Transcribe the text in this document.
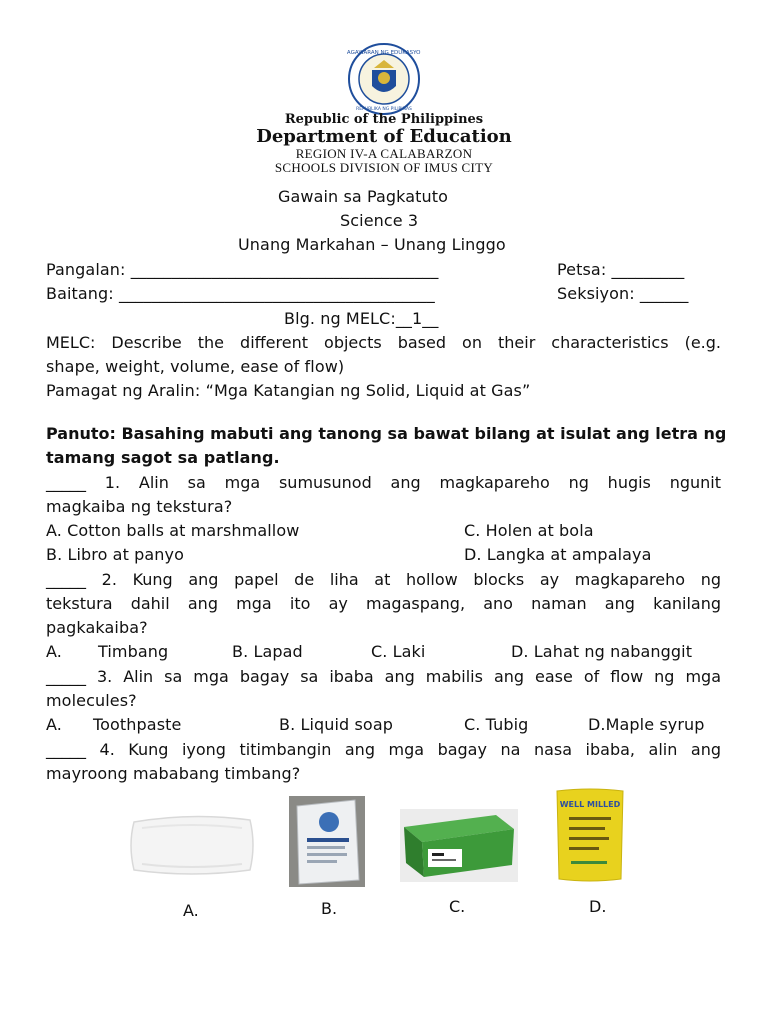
KAGAWARAN NG EDUKASYON
REPUBLIKA NG PILIPINAS
Republic of the Philippines
Department of Education
REGION IV-A CALABARZON
SCHOOLS DIVISION OF IMUS CITY
Gawain sa Pagkatuto
Science 3
Unang Markahan – Unang Linggo
Pangalan: ______________________________________	Petsa: _________
Baitang: _______________________________________	Seksiyon: ______
Blg. ng MELC:__1__
MELC: Describe the different objects based on their characteristics (e.g.
shape, weight, volume, ease of flow)
Pamagat ng Aralin: “Mga Katangian ng Solid, Liquid at Gas”
Panuto: Basahing mabuti ang tanong sa bawat bilang at isulat ang letra ng
tamang sagot sa patlang.
_____ 1. Alin sa mga sumusunod ang magkapareho ng hugis ngunit
magkaiba ng tekstura?
A. Cotton balls at marshmallow	C. Holen at bola
B. Libro at panyo	D. Langka at ampalaya
_____ 2. Kung ang papel de liha at hollow blocks ay magkapareho ng
tekstura dahil ang mga ito ay magaspang, ano naman ang kanilang
pagkakaiba?
A. Timbang	B. Lapad	C. Laki	D. Lahat ng nabanggit
_____ 3. Alin sa mga bagay sa ibaba ang mabilis ang ease of flow ng mga
molecules?
A. Toothpaste	B. Liquid soap	C. Tubig	D.Maple syrup
_____ 4. Kung iyong titimbangin ang mga bagay na nasa ibaba, alin ang
mayroong mababang timbang?
WELL MILLED
A.	B.	C.	D.
